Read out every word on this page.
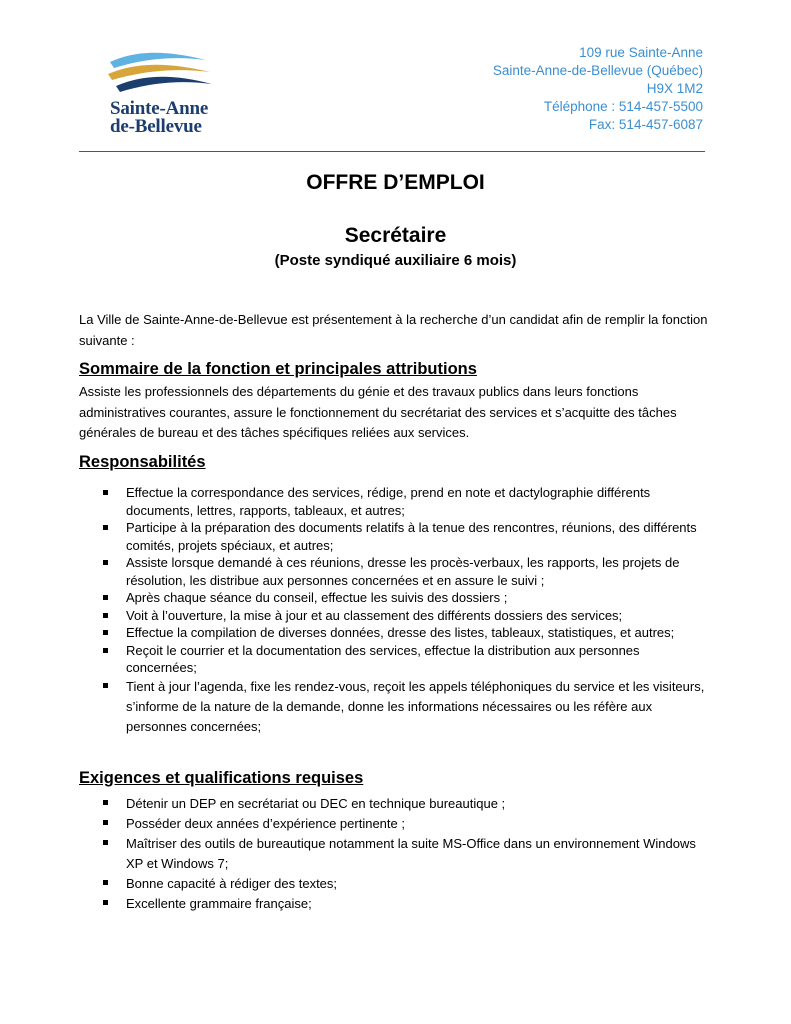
Sainte-Anne
de-Bellevue
109 rue Sainte-Anne
Sainte-Anne-de-Bellevue (Québec)
H9X 1M2
Téléphone : 514-457-5500
Fax: 514-457-6087
OFFRE D’EMPLOI
Secrétaire
(Poste syndiqué auxiliaire 6 mois)
La Ville de Sainte-Anne-de-Bellevue est présentement à la recherche d’un candidat afin de remplir la fonction suivante :
Sommaire de la fonction et principales attributions
Assiste les professionnels des départements du génie et des travaux publics dans leurs fonctions administratives courantes, assure le fonctionnement du secrétariat des services et s’acquitte des tâches générales de bureau et des tâches spécifiques reliées aux services.
Responsabilités
Effectue la correspondance des services, rédige, prend en note et dactylographie différents documents, lettres, rapports, tableaux, et autres;
Participe à la préparation des documents relatifs à la tenue des rencontres, réunions, des différents comités, projets spéciaux, et autres;
Assiste lorsque demandé à ces réunions, dresse les procès-verbaux, les rapports, les projets de résolution, les distribue aux personnes concernées et en assure le suivi ;
Après chaque séance du conseil, effectue les suivis des dossiers ;
Voit à l’ouverture, la mise à jour et au classement des différents dossiers des services;
Effectue la compilation de diverses données, dresse des listes, tableaux, statistiques, et autres;
Reçoit le courrier et la documentation des services, effectue la distribution aux personnes concernées;
Tient à jour l’agenda, fixe les rendez-vous, reçoit les appels téléphoniques du service et les visiteurs, s’informe de la nature de la demande, donne les informations nécessaires ou les réfère aux personnes concernées;
Exigences et qualifications requises
Détenir un DEP en secrétariat ou DEC en technique bureautique ;
Posséder deux années d’expérience pertinente ;
Maîtriser des outils de bureautique notamment la suite MS-Office dans un environnement Windows XP et Windows 7;
Bonne capacité à rédiger des textes;
Excellente grammaire française;
